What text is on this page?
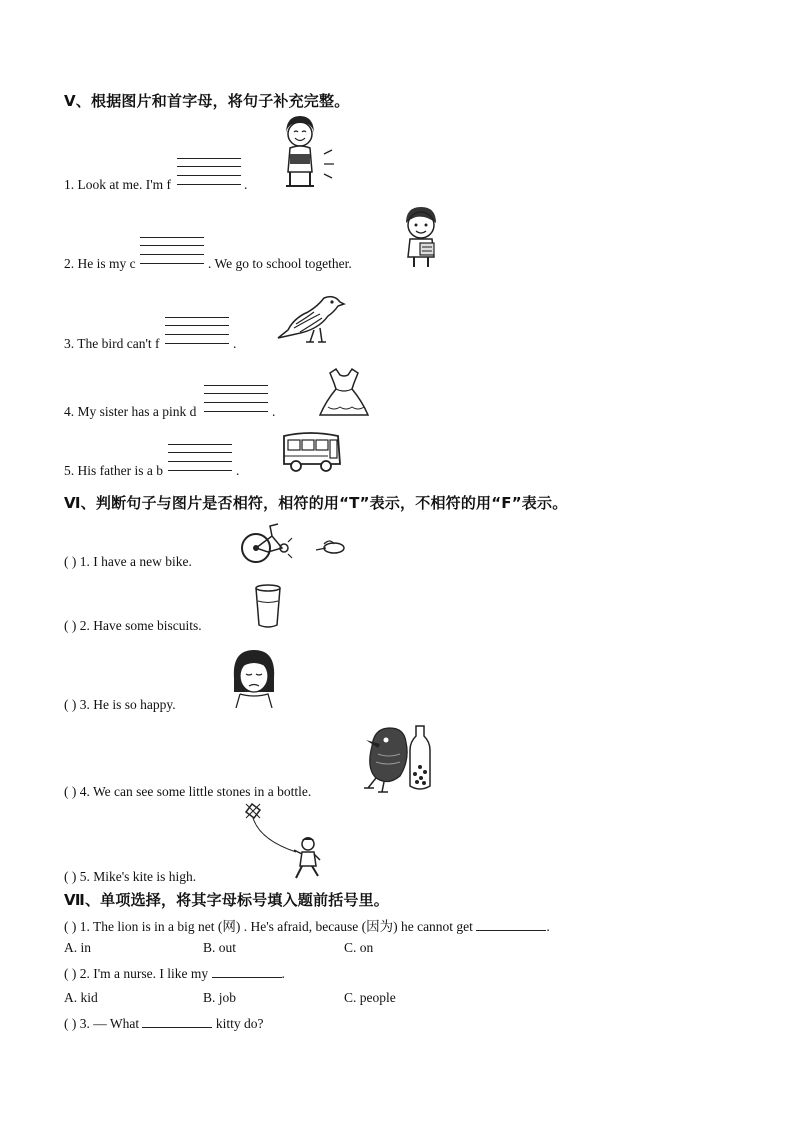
V、根据图片和首字母，将句子补充完整。
1. Look at me. I'm f	.
2. He is my c	. We go to school together.
3. The bird can't f	.
4. My sister has a pink d	.
5. His father is a b	.
Ⅵ、判断句子与图片是否相符，相符的用“T”表示，不相符的用“F”表示。
( ) 1. I have a new bike.
( ) 2. Have some biscuits.
( ) 3. He is so happy.
( ) 4. We can see some little stones in a bottle.
( ) 5. Mike's kite is high.
Ⅶ、单项选择，将其字母标号填入题前括号里。
( ) 1. The lion is in a big net (网) . He's afraid, because (因为) he cannot get	.
A. in	B. out	C. on
( ) 2. I'm a nurse. I like my	.
A. kid	B. job	C. people
( ) 3. — What	kitty do?
